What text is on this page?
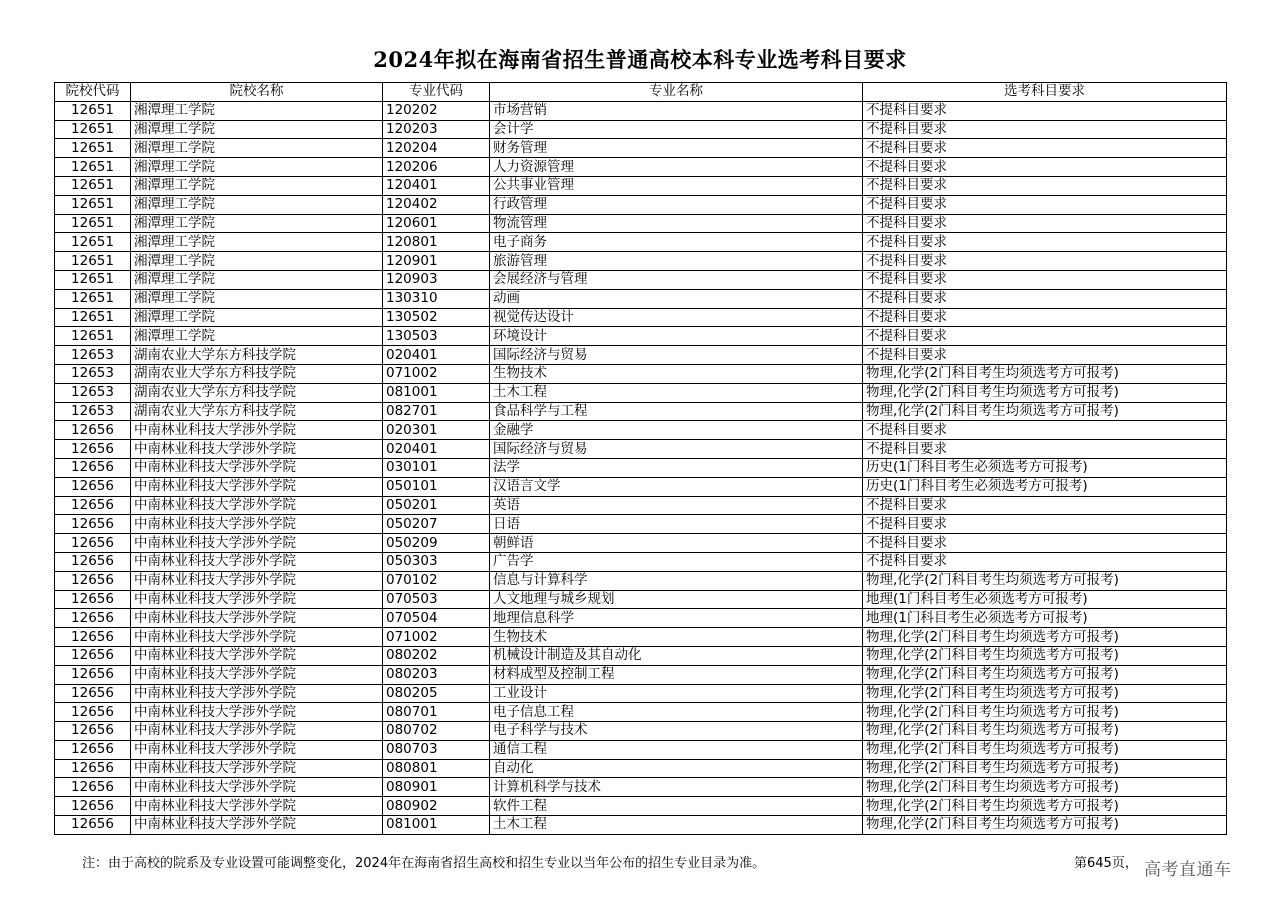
2024年拟在海南省招生普通高校本科专业选考科目要求
院校代码	院校名称	专业代码	专业名称	选考科目要求
12651	湘潭理工学院	120202	市场营销	不提科目要求
12651	湘潭理工学院	120203	会计学	不提科目要求
12651	湘潭理工学院	120204	财务管理	不提科目要求
12651	湘潭理工学院	120206	人力资源管理	不提科目要求
12651	湘潭理工学院	120401	公共事业管理	不提科目要求
12651	湘潭理工学院	120402	行政管理	不提科目要求
12651	湘潭理工学院	120601	物流管理	不提科目要求
12651	湘潭理工学院	120801	电子商务	不提科目要求
12651	湘潭理工学院	120901	旅游管理	不提科目要求
12651	湘潭理工学院	120903	会展经济与管理	不提科目要求
12651	湘潭理工学院	130310	动画	不提科目要求
12651	湘潭理工学院	130502	视觉传达设计	不提科目要求
12651	湘潭理工学院	130503	环境设计	不提科目要求
12653	湖南农业大学东方科技学院	020401	国际经济与贸易	不提科目要求
12653	湖南农业大学东方科技学院	071002	生物技术	物理,化学(2门科目考生均须选考方可报考)
12653	湖南农业大学东方科技学院	081001	土木工程	物理,化学(2门科目考生均须选考方可报考)
12653	湖南农业大学东方科技学院	082701	食品科学与工程	物理,化学(2门科目考生均须选考方可报考)
12656	中南林业科技大学涉外学院	020301	金融学	不提科目要求
12656	中南林业科技大学涉外学院	020401	国际经济与贸易	不提科目要求
12656	中南林业科技大学涉外学院	030101	法学	历史(1门科目考生必须选考方可报考)
12656	中南林业科技大学涉外学院	050101	汉语言文学	历史(1门科目考生必须选考方可报考)
12656	中南林业科技大学涉外学院	050201	英语	不提科目要求
12656	中南林业科技大学涉外学院	050207	日语	不提科目要求
12656	中南林业科技大学涉外学院	050209	朝鲜语	不提科目要求
12656	中南林业科技大学涉外学院	050303	广告学	不提科目要求
12656	中南林业科技大学涉外学院	070102	信息与计算科学	物理,化学(2门科目考生均须选考方可报考)
12656	中南林业科技大学涉外学院	070503	人文地理与城乡规划	地理(1门科目考生必须选考方可报考)
12656	中南林业科技大学涉外学院	070504	地理信息科学	地理(1门科目考生必须选考方可报考)
12656	中南林业科技大学涉外学院	071002	生物技术	物理,化学(2门科目考生均须选考方可报考)
12656	中南林业科技大学涉外学院	080202	机械设计制造及其自动化	物理,化学(2门科目考生均须选考方可报考)
12656	中南林业科技大学涉外学院	080203	材料成型及控制工程	物理,化学(2门科目考生均须选考方可报考)
12656	中南林业科技大学涉外学院	080205	工业设计	物理,化学(2门科目考生均须选考方可报考)
12656	中南林业科技大学涉外学院	080701	电子信息工程	物理,化学(2门科目考生均须选考方可报考)
12656	中南林业科技大学涉外学院	080702	电子科学与技术	物理,化学(2门科目考生均须选考方可报考)
12656	中南林业科技大学涉外学院	080703	通信工程	物理,化学(2门科目考生均须选考方可报考)
12656	中南林业科技大学涉外学院	080801	自动化	物理,化学(2门科目考生均须选考方可报考)
12656	中南林业科技大学涉外学院	080901	计算机科学与技术	物理,化学(2门科目考生均须选考方可报考)
12656	中南林业科技大学涉外学院	080902	软件工程	物理,化学(2门科目考生均须选考方可报考)
12656	中南林业科技大学涉外学院	081001	土木工程	物理,化学(2门科目考生均须选考方可报考)
注：由于高校的院系及专业设置可能调整变化，2024年在海南省招生高校和招生专业以当年公布的招生专业目录为准。	第645页， 高考直通车
